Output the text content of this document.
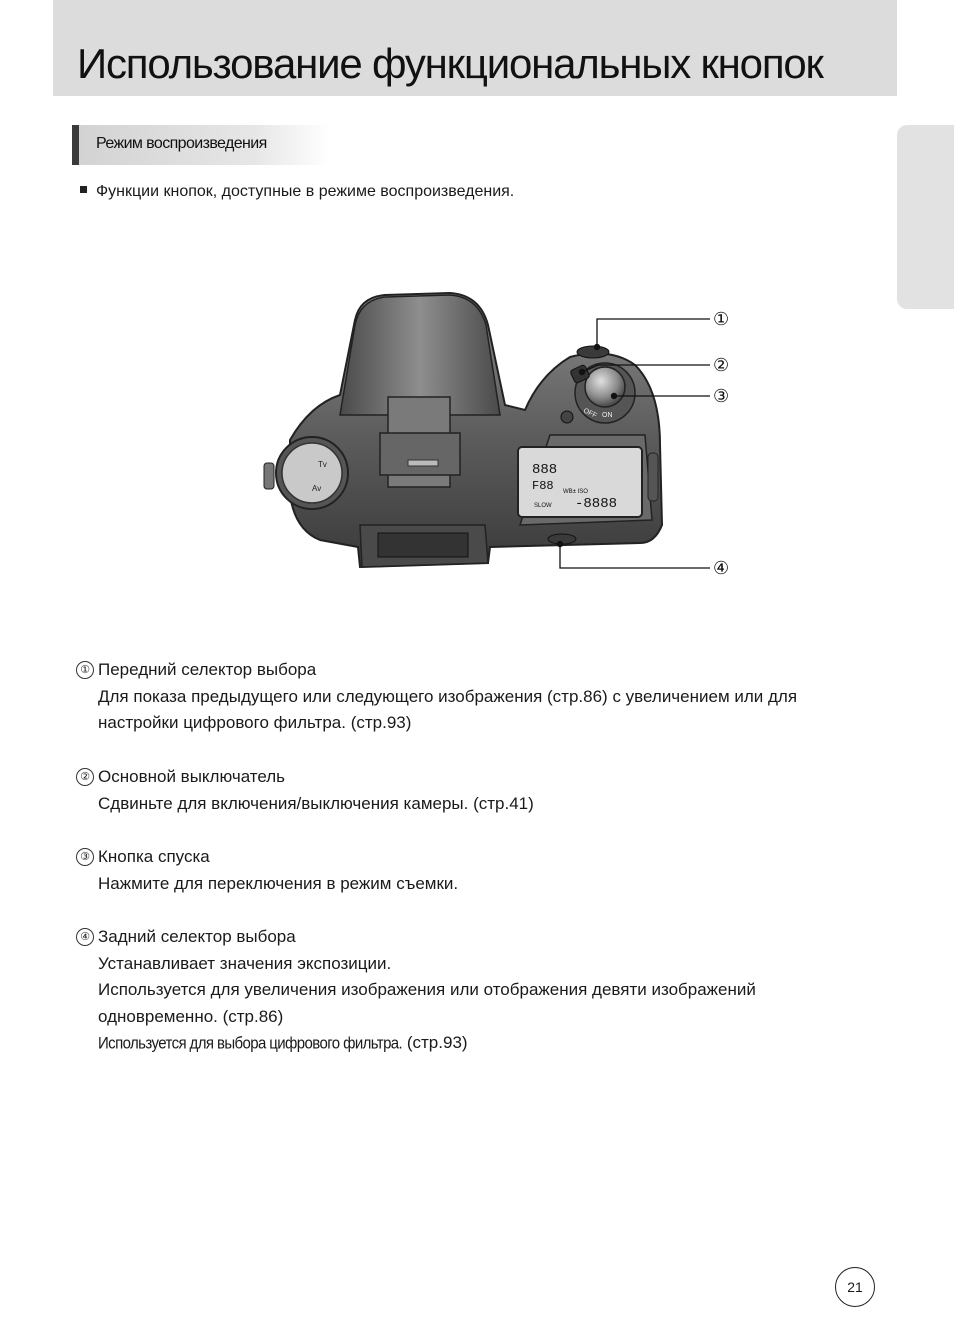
Использование функциональных кнопок
Режим воспроизведения
Функции кнопок, доступные в режиме воспроизведения.
Tv
Av
888
F88
SLOW
WB± ISO
-8888
OFF ON
①
②
③
④
① Передний селектор выбора
Для показа предыдущего или следующего изображения (стр.86) с увеличением или для
настройки цифрового фильтра. (стр.93)
② Основной выключатель
Сдвиньте для включения/выключения камеры. (стр.41)
③ Кнопка спуска
Нажмите для переключения в режим съемки.
④ Задний селектор выбора
Устанавливает значения экспозиции.
Используется для увеличения изображения или отображения девяти изображений
одновременно. (стр.86)
Используется для выбора цифрового фильтра. (стр.93)
21
